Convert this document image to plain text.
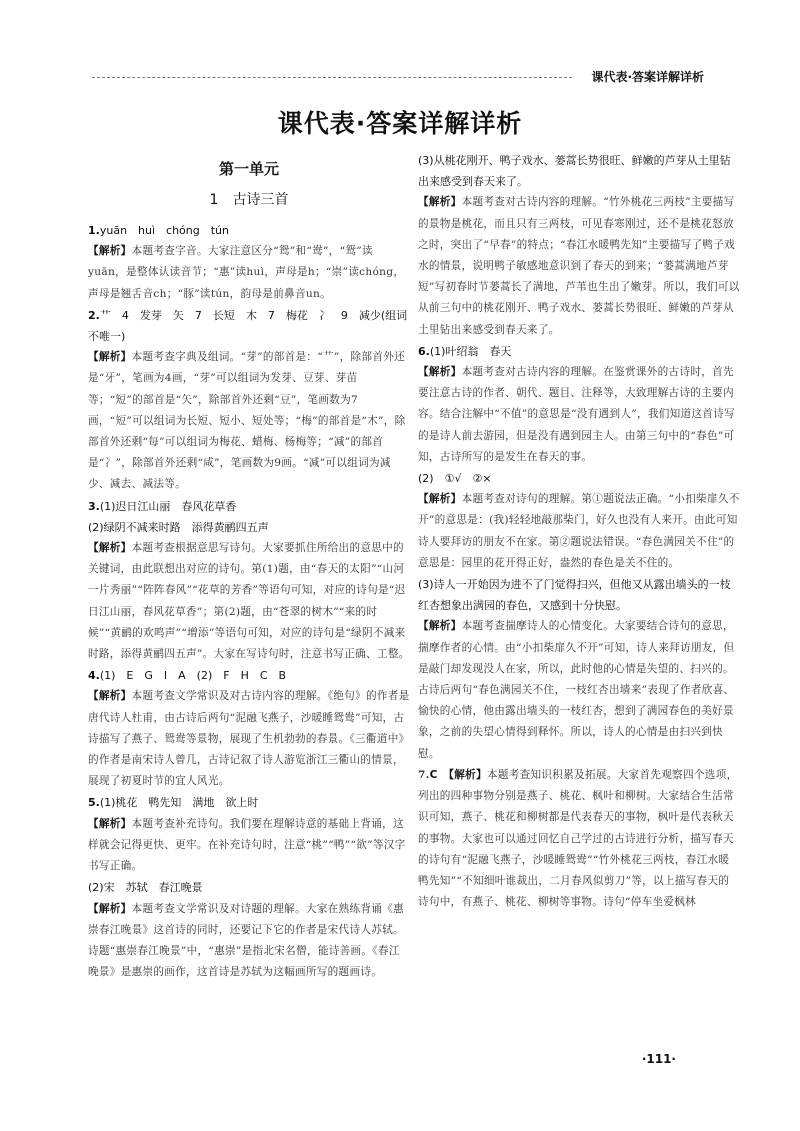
课代表·答案详解详析
课代表·答案详解详析
第一单元
1　古诗三首

1.yuān　huì　chóng　tún

【解析】本题考查字音。大家注意区分“鸳”和“鸯”，“鸳”读yuān，是整体认读音节；“惠”读huì，声母是h；“崇”读chóng，声母是翘舌音ch；“豚”读tún，韵母是前鼻音un。

2.艹　4　发芽　矢　7　长短　木　7　梅花　冫　9　减少(组词不唯一)

【解析】本题考查字典及组词。“芽”的部首是：“艹”，除部首外还是“牙”，笔画为4画，“芽”可以组词为发芽、豆芽、芽苗等；“短”的部首是“矢”，除部首外还剩“豆”，笔画数为7画，“短”可以组词为长短、短小、短处等；“梅”的部首是“木”，除部首外还剩“每”可以组词为梅花、蜡梅、杨梅等；“减”的部首是“冫”，除部首外还剩“咸”，笔画数为9画。“减”可以组词为减少、减去、减法等。

3.(1)迟日江山丽　春风花草香

(2)绿阴不减来时路　添得黄鹂四五声

【解析】本题考查根据意思写诗句。大家要抓住所给出的意思中的关键词，由此联想出对应的诗句。第(1)题，由“春天的太阳”“山河一片秀丽”“阵阵春风”“花草的芳香”等语句可知，对应的诗句是“迟日江山丽，春风花草香”；第(2)题，由“苍翠的树木”“来的时候”“黄鹂的欢鸣声”“增添”等语句可知，对应的诗句是“绿阴不减来时路，添得黄鹂四五声”。大家在写诗句时，注意书写正确、工整。

4.(1)　E　G　I　A　(2)　F　H　C　B

【解析】本题考查文学常识及对古诗内容的理解。《绝句》的作者是唐代诗人杜甫，由古诗后两句“泥融飞燕子，沙暖睡鸳鸯”可知，古诗描写了燕子、鸳鸯等景物，展现了生机勃勃的春景。《三衢道中》的作者是南宋诗人曾几，古诗记叙了诗人游览浙江三衢山的情景，展现了初夏时节的宜人风光。

5.(1)桃花　鸭先知　满地　欲上时

【解析】本题考查补充诗句。我们要在理解诗意的基础上背诵，这样就会记得更快、更牢。在补充诗句时，注意“桃”“鸭”“欲”等汉字书写正确。

(2)宋　苏轼　春江晚景

【解析】本题考查文学常识及对诗题的理解。大家在熟练背诵《惠崇春江晚景》这首诗的同时，还要记下它的作者是宋代诗人苏轼。诗题“惠崇春江晚景”中，“惠崇”是指北宋名僧，能诗善画。《春江晚景》是惠崇的画作，这首诗是苏轼为这幅画所写的题画诗。

(3)从桃花刚开、鸭子戏水、蒌蒿长势很旺、鲜嫩的芦芽从土里钻出来感受到春天来了。

【解析】本题考查对古诗内容的理解。“竹外桃花三两枝”主要描写的景物是桃花，而且只有三两枝，可见春寒刚过，还不是桃花怒放之时，突出了“早春”的特点；“春江水暖鸭先知”主要描写了鸭子戏水的情景，说明鸭子敏感地意识到了春天的到来；“蒌蒿满地芦芽短”写初春时节蒌蒿长了满地，芦苇也生出了嫩芽。所以，我们可以从前三句中的桃花刚开、鸭子戏水、蒌蒿长势很旺、鲜嫩的芦芽从土里钻出来感受到春天来了。

6.(1)叶绍翁　春天

【解析】本题考查对古诗内容的理解。在鉴赏课外的古诗时，首先要注意古诗的作者、朝代、题目、注释等，大致理解古诗的主要内容。结合注解中“不值”的意思是“没有遇到人”，我们知道这首诗写的是诗人前去游园，但是没有遇到园主人。由第三句中的“春色”可知，古诗所写的是发生在春天的事。

(2)　①√　②×

【解析】本题考查对诗句的理解。第①题说法正确。“小扣柴扉久不开”的意思是：(我)轻轻地敲那柴门，好久也没有人来开。由此可知诗人要拜访的朋友不在家。第②题说法错误。“春色满园关不住”的意思是：园里的花开得正好，盎然的春色是关不住的。

(3)诗人一开始因为进不了门觉得扫兴，但他又从露出墙头的一枝红杏想象出满园的春色，又感到十分快慰。

【解析】本题考查揣摩诗人的心情变化。大家要结合诗句的意思，揣摩作者的心情。由“小扣柴扉久不开”可知，诗人来拜访朋友，但是敲门却发现没人在家，所以，此时他的心情是失望的、扫兴的。古诗后两句“春色满园关不住，一枝红杏出墙来”表现了作者欣喜、愉快的心情，他由露出墙头的一枝红杏，想到了满园春色的美好景象，之前的失望心情得到释怀。所以，诗人的心情是由扫兴到快慰。

7.C　 【解析】本题考查知识积累及拓展。大家首先观察四个选项，列出的四种事物分别是燕子、桃花、枫叶和柳树。大家结合生活常识可知，燕子、桃花和柳树都是代表春天的事物，枫叶是代表秋天的事物。大家也可以通过回忆自己学过的古诗进行分析，描写春天的诗句有“泥融飞燕子，沙暖睡鸳鸯”“竹外桃花三两枝，春江水暖鸭先知”“不知细叶谁裁出，二月春风似剪刀”等，以上描写春天的诗句中，有燕子、桃花、柳树等事物。诗句“停车坐爱枫林

·111·
